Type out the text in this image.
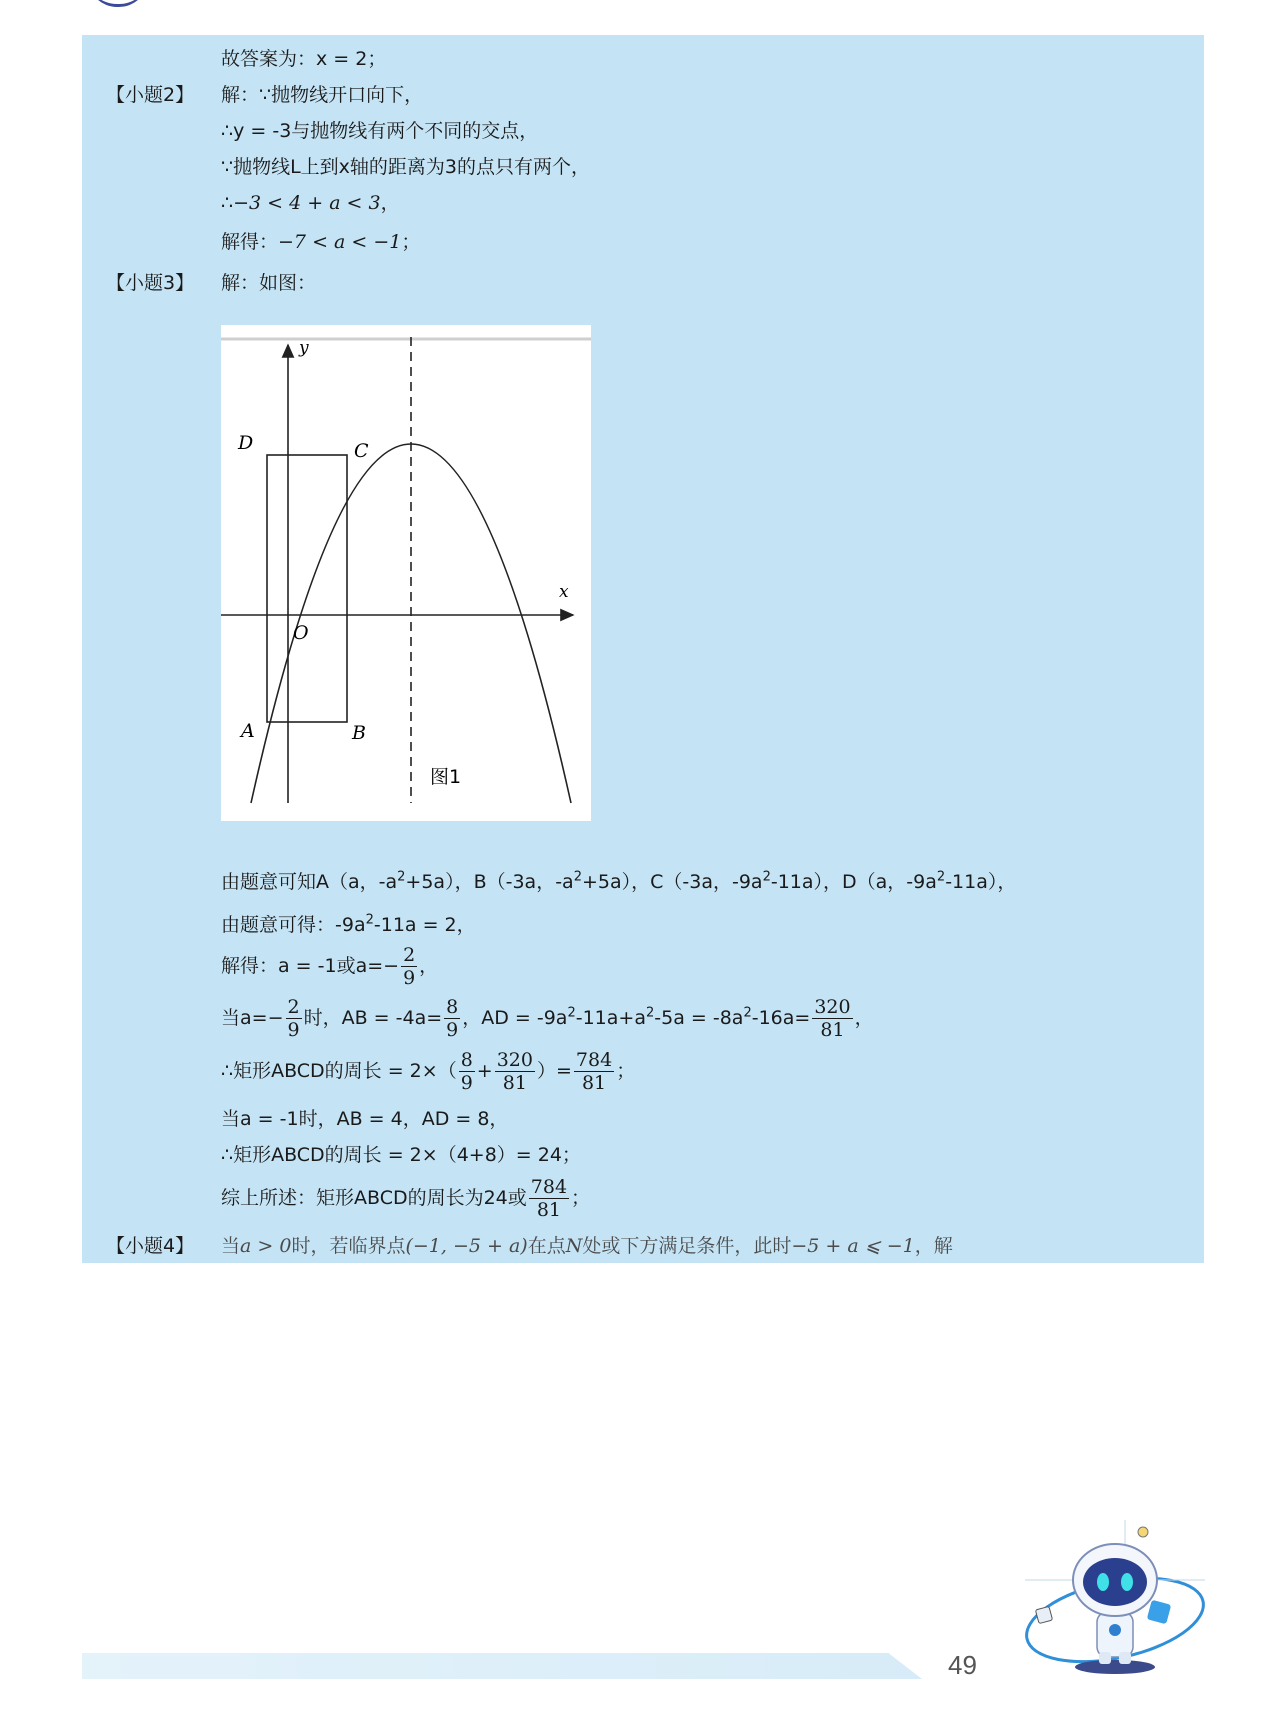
故答案为：x = 2；
【小题2】 解：∵抛物线开口向下，
∴y = -3与抛物线有两个不同的交点，
∵抛物线L上到x轴的距离为3的点只有两个，
∴−3 < 4 + a < 3，
解得：−7 < a < −1；
【小题3】 解：如图：
D	C
A	B
O
y
x
图1
由题意可知A（a，$-a^2+5a$），B（-3a，$-a^2+5a$），C（-3a，$-9a^2-11a$），D（a，$-9a^2-11a$），
由题意可得：$-9a^2-11a = 2$，
解得：a = -1或$a=- \frac{2}{9}$ ，
当$a=- \frac{2}{9}$ 时，AB = $-4a= \frac{8}{9}$ ，AD = $-9a^2-11a+a^2-5a = -8a^2-16a= \frac{320}{81}$ ，
∴矩形ABCD的周长 = $2\times( \frac{8}{9} + \frac{320}{81}$ ）= $\frac{784}{81}$ ；
当a = -1时，AB = 4，AD = 8，
∴矩形ABCD的周长 = 2×（4+8）= 24；
综上所述：矩形ABCD的周长为24或 $\frac{784}{81}$ ；
【小题4】 当a > 0时，若临界点(−1, −5 + a)在点N处或下方满足条件，此时−5 + a ⩽ −1，解
49
